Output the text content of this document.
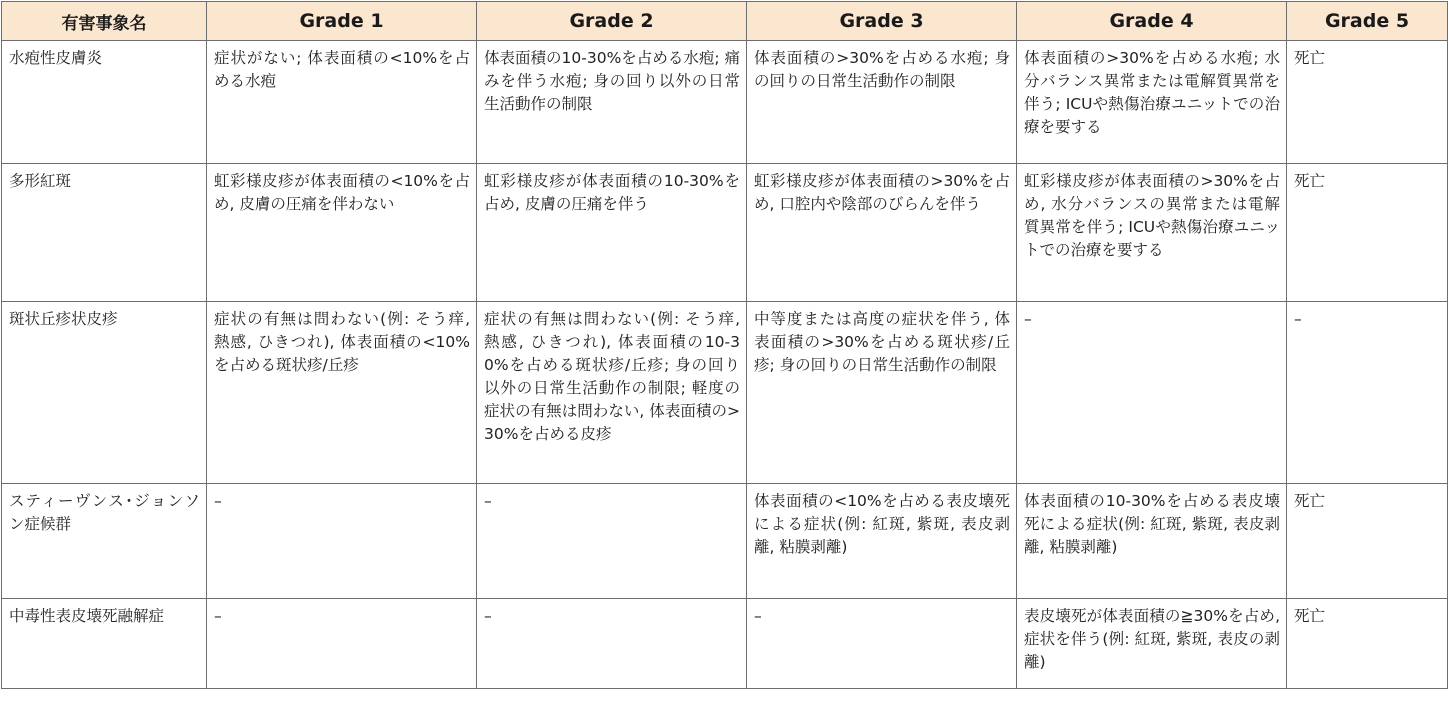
有害事象名	Grade 1	Grade 2	Grade 3	Grade 4	Grade 5
水疱性皮膚炎	症状がない; 体表面積の<10%を占める水疱	体表面積の10-30%を占める水疱; 痛みを伴う水疱; 身の回り以外の日常生活動作の制限	体表面積の>30%を占める水疱; 身の回りの日常生活動作の制限	体表面積の>30%を占める水疱; 水分バランス異常または電解質異常を伴う; ICUや熱傷治療ユニットでの治療を要する	死亡
多形紅斑	虹彩様皮疹が体表面積の<10%を占め, 皮膚の圧痛を伴わない	虹彩様皮疹が体表面積の10-30%を占め, 皮膚の圧痛を伴う	虹彩様皮疹が体表面積の>30%を占め, 口腔内や陰部のびらんを伴う	虹彩様皮疹が体表面積の>30%を占め, 水分バランスの異常または電解質異常を伴う; ICUや熱傷治療ユニットでの治療を要する	死亡
斑状丘疹状皮疹	症状の有無は問わない(例: そう痒, 熱感, ひきつれ), 体表面積の<10%を占める斑状疹/丘疹	症状の有無は問わない(例: そう痒, 熱感, ひきつれ), 体表面積の10-30%を占める斑状疹/丘疹; 身の回り以外の日常生活動作の制限; 軽度の症状の有無は問わない, 体表面積の>30%を占める皮疹	中等度または高度の症状を伴う, 体表面積の>30%を占める斑状疹/丘疹; 身の回りの日常生活動作の制限	–	–
スティーヴンス･ジョンソン症候群	–	–	体表面積の<10%を占める表皮壊死による症状(例: 紅斑, 紫斑, 表皮剥離, 粘膜剥離)	体表面積の10-30%を占める表皮壊死による症状(例: 紅斑, 紫斑, 表皮剥離, 粘膜剥離)	死亡
中毒性表皮壊死融解症	–	–	–	表皮壊死が体表面積の≧30%を占め, 症状を伴う(例: 紅斑, 紫斑, 表皮の剥離)	死亡
